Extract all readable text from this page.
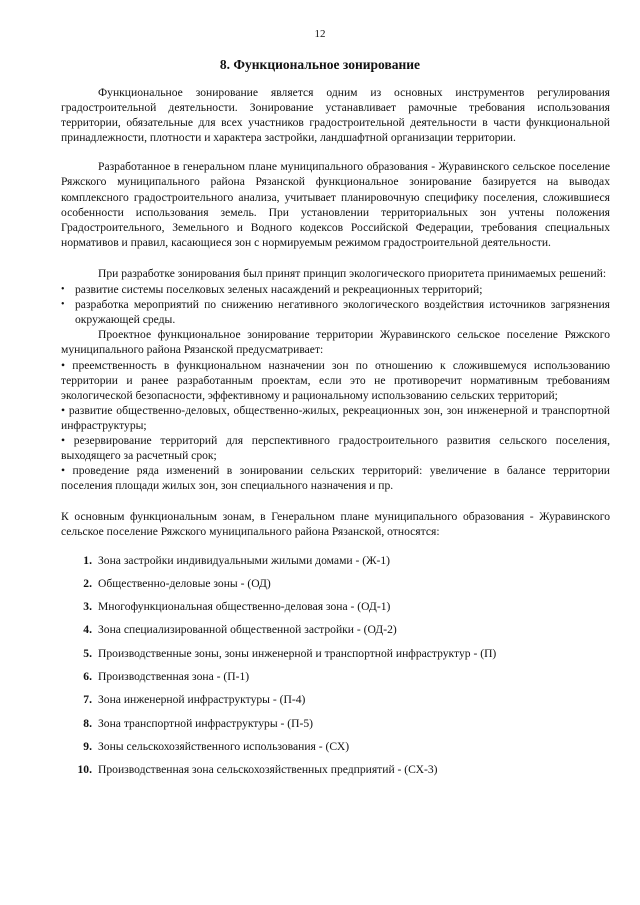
12
8. Функциональное зонирование

Функциональное зонирование является одним из основных инструментов регулирования градостроительной деятельности. Зонирование устанавливает рамочные требования использования территории, обязательные для всех участников градостроительной деятельности в части функциональной принадлежности, плотности и характера застройки, ландшафтной организации территории.

Разработанное в генеральном плане муниципального образования - Журавинского сельское поселение Ряжского муниципального района Рязанской функциональное зонирование базируется на выводах комплексного градостроительного анализа, учитывает планировочную специфику поселения, сложившиеся особенности использования земель. При установлении территориальных зон учтены положения Градостроительного, Земельного и Водного кодексов Российской Федерации, требования специальных нормативов и правил, касающиеся зон с нормируемым режимом градостроительной деятельности.

При разработке зонирования был принят принцип экологического приоритета принимаемых решений:

• развитие системы поселковых зеленых насаждений и рекреационных территорий;
• разработка мероприятий по снижению негативного экологического воздействия источников загрязнения окружающей среды.

Проектное функциональное зонирование территории Журавинского сельское поселение Ряжского муниципального района Рязанской предусматривает:

• преемственность в функциональном назначении зон по отношению к сложившемуся использованию территории и ранее разработанным проектам, если это не противоречит нормативным требованиям экологической безопасности, эффективному и рациональному использованию сельских территорий;

• развитие общественно-деловых, общественно-жилых, рекреационных зон, зон инженерной и транспортной инфраструктуры;

• резервирование территорий для перспективного градостроительного развития сельского поселения, выходящего за расчетный срок;

• проведение ряда изменений в зонировании сельских территорий: увеличение в балансе территории поселения площади жилых зон, зон специального назначения и пр.

К основным функциональным зонам, в Генеральном плане муниципального образования - Журавинского сельское поселение Ряжского муниципального района Рязанской, относятся:

1. Зона застройки индивидуальными жилыми домами - (Ж-1)
2. Общественно-деловые зоны - (ОД)
3. Многофункциональная общественно-деловая зона - (ОД-1)
4. Зона специализированной общественной застройки - (ОД-2)
5. Производственные зоны, зоны инженерной и транспортной инфраструктур - (П)
6. Производственная зона - (П-1)
7. Зона инженерной инфраструктуры - (П-4)
8. Зона транспортной инфраструктуры - (П-5)
9. Зоны сельскохозяйственного использования - (СХ)
10. Производственная зона сельскохозяйственных предприятий - (СХ-3)
